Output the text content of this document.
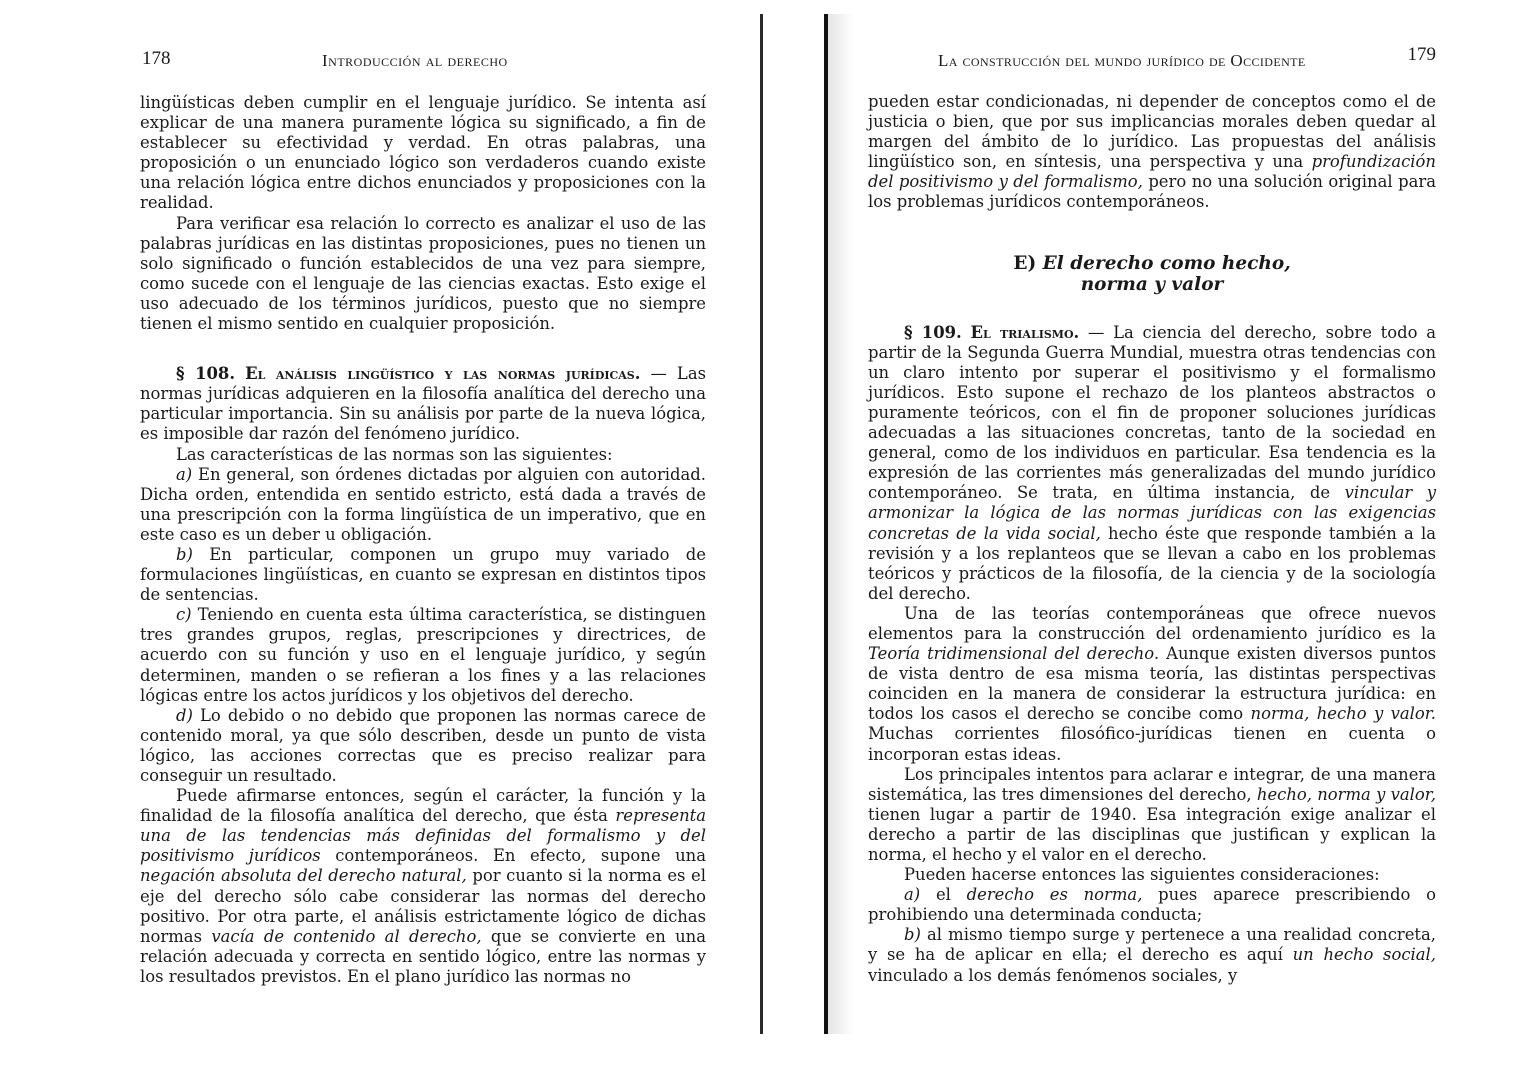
178	Introducción al derecho

lingüísticas deben cumplir en el lenguaje jurídico. Se intenta así explicar de una manera puramente lógica su significado, a fin de establecer su efectividad y verdad. En otras palabras, una proposición o un enunciado lógico son verdaderos cuando existe una relación lógica entre dichos enunciados y proposiciones con la realidad.

Para verificar esa relación lo correcto es analizar el uso de las palabras jurídicas en las distintas proposiciones, pues no tienen un solo significado o función establecidos de una vez para siempre, como sucede con el lenguaje de las ciencias exactas. Esto exige el uso adecuado de los términos jurídicos, puesto que no siempre tienen el mismo sentido en cualquier proposición.

§ 108. El análisis lingüístico y las normas jurídicas. — Las normas jurídicas adquieren en la filosofía analítica del derecho una particular importancia. Sin su análisis por parte de la nueva lógica, es imposible dar razón del fenómeno jurídico.

Las características de las normas son las siguientes:

a) En general, son órdenes dictadas por alguien con autoridad. Dicha orden, entendida en sentido estricto, está dada a través de una prescripción con la forma lingüística de un imperativo, que en este caso es un deber u obligación.

b) En particular, componen un grupo muy variado de formulaciones lingüísticas, en cuanto se expresan en distintos tipos de sentencias.

c) Teniendo en cuenta esta última característica, se distinguen tres grandes grupos, reglas, prescripciones y directrices, de acuerdo con su función y uso en el lenguaje jurídico, y según determinen, manden o se refieran a los fines y a las relaciones lógicas entre los actos jurídicos y los objetivos del derecho.

d) Lo debido o no debido que proponen las normas carece de contenido moral, ya que sólo describen, desde un punto de vista lógico, las acciones correctas que es preciso realizar para conseguir un resultado.

Puede afirmarse entonces, según el carácter, la función y la finalidad de la filosofía analítica del derecho, que ésta representa una de las tendencias más definidas del formalismo y del positivismo jurídicos contemporáneos. En efecto, supone una negación absoluta del derecho natural, por cuanto si la norma es el eje del derecho sólo cabe considerar las normas del derecho positivo. Por otra parte, el análisis estrictamente lógico de dichas normas vacía de contenido al derecho, que se convierte en una relación adecuada y correcta en sentido lógico, entre las normas y los resultados previstos. En el plano jurídico las normas no

La construcción del mundo jurídico de Occidente	179

pueden estar condicionadas, ni depender de conceptos como el de justicia o bien, que por sus implicancias morales deben quedar al margen del ámbito de lo jurídico. Las propuestas del análisis lingüístico son, en síntesis, una perspectiva y una profundización del positivismo y del formalismo, pero no una solución original para los problemas jurídicos contemporáneos.

E) El derecho como hecho,
norma y valor

§ 109. El trialismo. — La ciencia del derecho, sobre todo a partir de la Segunda Guerra Mundial, muestra otras tendencias con un claro intento por superar el positivismo y el formalismo jurídicos. Esto supone el rechazo de los planteos abstractos o puramente teóricos, con el fin de proponer soluciones jurídicas adecuadas a las situaciones concretas, tanto de la sociedad en general, como de los individuos en particular. Esa tendencia es la expresión de las corrientes más generalizadas del mundo jurídico contemporáneo. Se trata, en última instancia, de vincular y armonizar la lógica de las normas jurídicas con las exigencias concretas de la vida social, hecho éste que responde también a la revisión y a los replanteos que se llevan a cabo en los problemas teóricos y prácticos de la filosofía, de la ciencia y de la sociología del derecho.

Una de las teorías contemporáneas que ofrece nuevos elementos para la construcción del ordenamiento jurídico es la Teoría tridimensional del derecho. Aunque existen diversos puntos de vista dentro de esa misma teoría, las distintas perspectivas coinciden en la manera de considerar la estructura jurídica: en todos los casos el derecho se concibe como norma, hecho y valor. Muchas corrientes filosófico-jurídicas tienen en cuenta o incorporan estas ideas.

Los principales intentos para aclarar e integrar, de una manera sistemática, las tres dimensiones del derecho, hecho, norma y valor, tienen lugar a partir de 1940. Esa integración exige analizar el derecho a partir de las disciplinas que justifican y explican la norma, el hecho y el valor en el derecho.

Pueden hacerse entonces las siguientes consideraciones:

a) el derecho es norma, pues aparece prescribiendo o prohibiendo una determinada conducta;

b) al mismo tiempo surge y pertenece a una realidad concreta, y se ha de aplicar en ella; el derecho es aquí un hecho social, vinculado a los demás fenómenos sociales, y
